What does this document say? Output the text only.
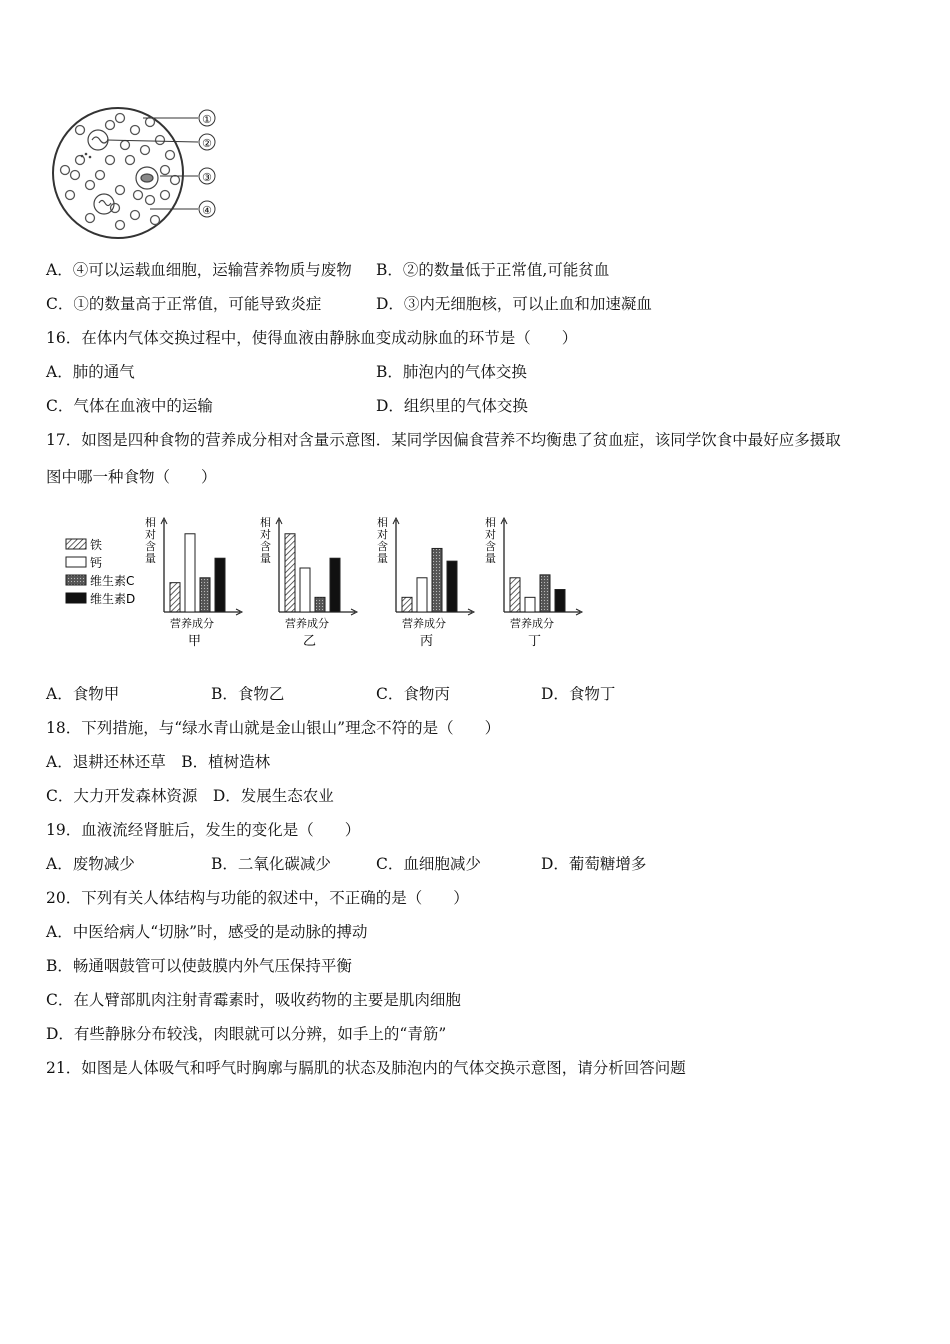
①
②
③
④
A．④可以运载血细胞，运输营养物质与废物 B．②的数量低于正常值,可能贫血
C．①的数量高于正常值，可能导致炎症	D．③内无细胞核，可以止血和加速凝血
16．在体内气体交换过程中，使得血液由静脉血变成动脉血的环节是（　　）
A．肺的通气	B．肺泡内的气体交换
C．气体在血液中的运输	D．组织里的气体交换
17．如图是四种食物的营养成分相对含量示意图．某同学因偏食营养不均衡患了贫血症，该同学饮食中最好应多摄取
图中哪一种食物（　　）
铁
钙
维生素C
维生素D
相
对
含
量
营养成分
甲
相
对
含
量
营养成分
乙
相
对
含
量
营养成分
丙
相
对
含
量
营养成分
丁
A．食物甲	B．食物乙	C．食物丙	D．食物丁
18．下列措施，与“绿水青山就是金山银山”理念不符的是（　　）
A．退耕还林还草　B．植树造林
C．大力开发森林资源　D．发展生态农业
19．血液流经肾脏后，发生的变化是（　　）
A．废物减少	B．二氧化碳减少	C．血细胞减少	D．葡萄糖增多
20．下列有关人体结构与功能的叙述中，不正确的是（　　）
A．中医给病人“切脉”时，感受的是动脉的搏动
B．畅通咽鼓管可以使鼓膜内外气压保持平衡
C．在人臂部肌肉注射青霉素时，吸收药物的主要是肌肉细胞
D．有些静脉分布较浅，肉眼就可以分辨，如手上的“青筋”
21．如图是人体吸气和呼气时胸廓与膈肌的状态及肺泡内的气体交换示意图，请分析回答问题
